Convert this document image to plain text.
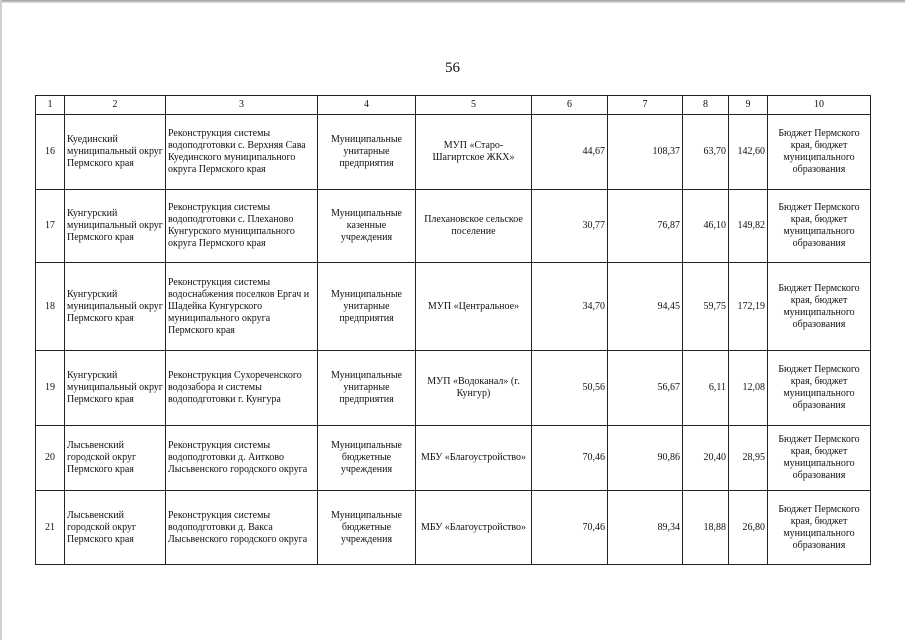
56
1	2	3	4	5	6	7	8	9	10
16	Куединский муниципальный округ Пермского края	Реконструкция системы водоподготовки с. Верхняя Сава Куединского муниципального округа Пермского края	Муниципальные унитарные предприятия	МУП «Старо-Шагиртское ЖКХ»	44,67	108,37	63,70	142,60	Бюджет Пермского края, бюджет муниципального образования
17	Кунгурский муниципальный округ Пермского края	Реконструкция системы водоподготовки с. Плехановo Кунгурского муниципального округа Пермского края	Муниципальные казенные учреждения	Плехановское сельское поселение	30,77	76,87	46,10	149,82	Бюджет Пермского края, бюджет муниципального образования
18	Кунгурский муниципальный округ Пермского края	Реконструкция системы водоснабжения поселков Ергач и Шадейка Кунгурского муниципального округа Пермского края	Муниципальные унитарные предприятия	МУП «Центральное»	34,70	94,45	59,75	172,19	Бюджет Пермского края, бюджет муниципального образования
19	Кунгурский муниципальный округ Пермского края	Реконструкция Сухореченского водозабора и системы водоподготовки г. Кунгура	Муниципальные унитарные предприятия	МУП «Водоканал» (г. Кунгур)	50,56	56,67	6,11	12,08	Бюджет Пермского края, бюджет муниципального образования
20	Лысьвенский городской округ Пермского края	Реконструкция системы водоподготовки д. Аитково Лысьвенского городского округа	Муниципальные бюджетные учреждения	МБУ «Благоустройство»	70,46	90,86	20,40	28,95	Бюджет Пермского края, бюджет муниципального образования
21	Лысьвенский городской округ Пермского края	Реконструкция системы водоподготовки д. Вакса Лысьвенского городского округа	Муниципальные бюджетные учреждения	МБУ «Благоустройство»	70,46	89,34	18,88	26,80	Бюджет Пермского края, бюджет муниципального образования
